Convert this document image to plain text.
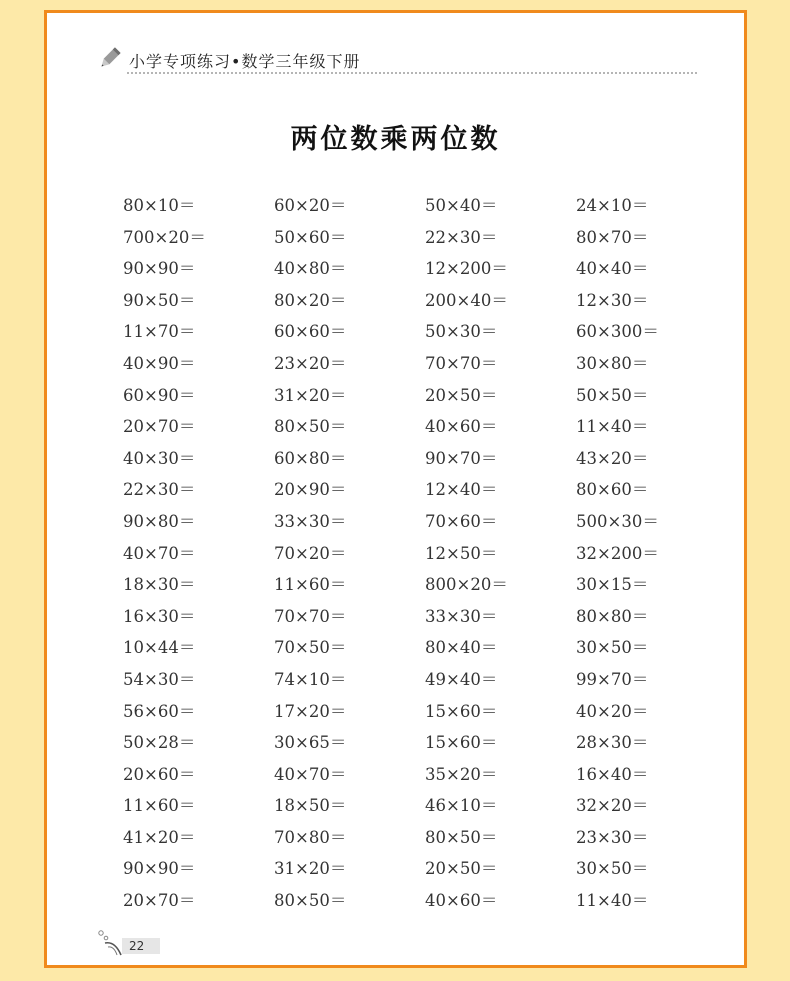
小学专项练习•数学三年级下册
两位数乘两位数
80×10＝	60×20＝	50×40＝	24×10＝
700×20＝	50×60＝	22×30＝	80×70＝
90×90＝	40×80＝	12×200＝	40×40＝
90×50＝	80×20＝	200×40＝	12×30＝
11×70＝	60×60＝	50×30＝	60×300＝
40×90＝	23×20＝	70×70＝	30×80＝
60×90＝	31×20＝	20×50＝	50×50＝
20×70＝	80×50＝	40×60＝	11×40＝
40×30＝	60×80＝	90×70＝	43×20＝
22×30＝	20×90＝	12×40＝	80×60＝
90×80＝	33×30＝	70×60＝	500×30＝
40×70＝	70×20＝	12×50＝	32×200＝
18×30＝	11×60＝	800×20＝	30×15＝
16×30＝	70×70＝	33×30＝	80×80＝
10×44＝	70×50＝	80×40＝	30×50＝
54×30＝	74×10＝	49×40＝	99×70＝
56×60＝	17×20＝	15×60＝	40×20＝
50×28＝	30×65＝	15×60＝	28×30＝
20×60＝	40×70＝	35×20＝	16×40＝
11×60＝	18×50＝	46×10＝	32×20＝
41×20＝	70×80＝	80×50＝	23×30＝
90×90＝	31×20＝	20×50＝	30×50＝
20×70＝	80×50＝	40×60＝	11×40＝
22
